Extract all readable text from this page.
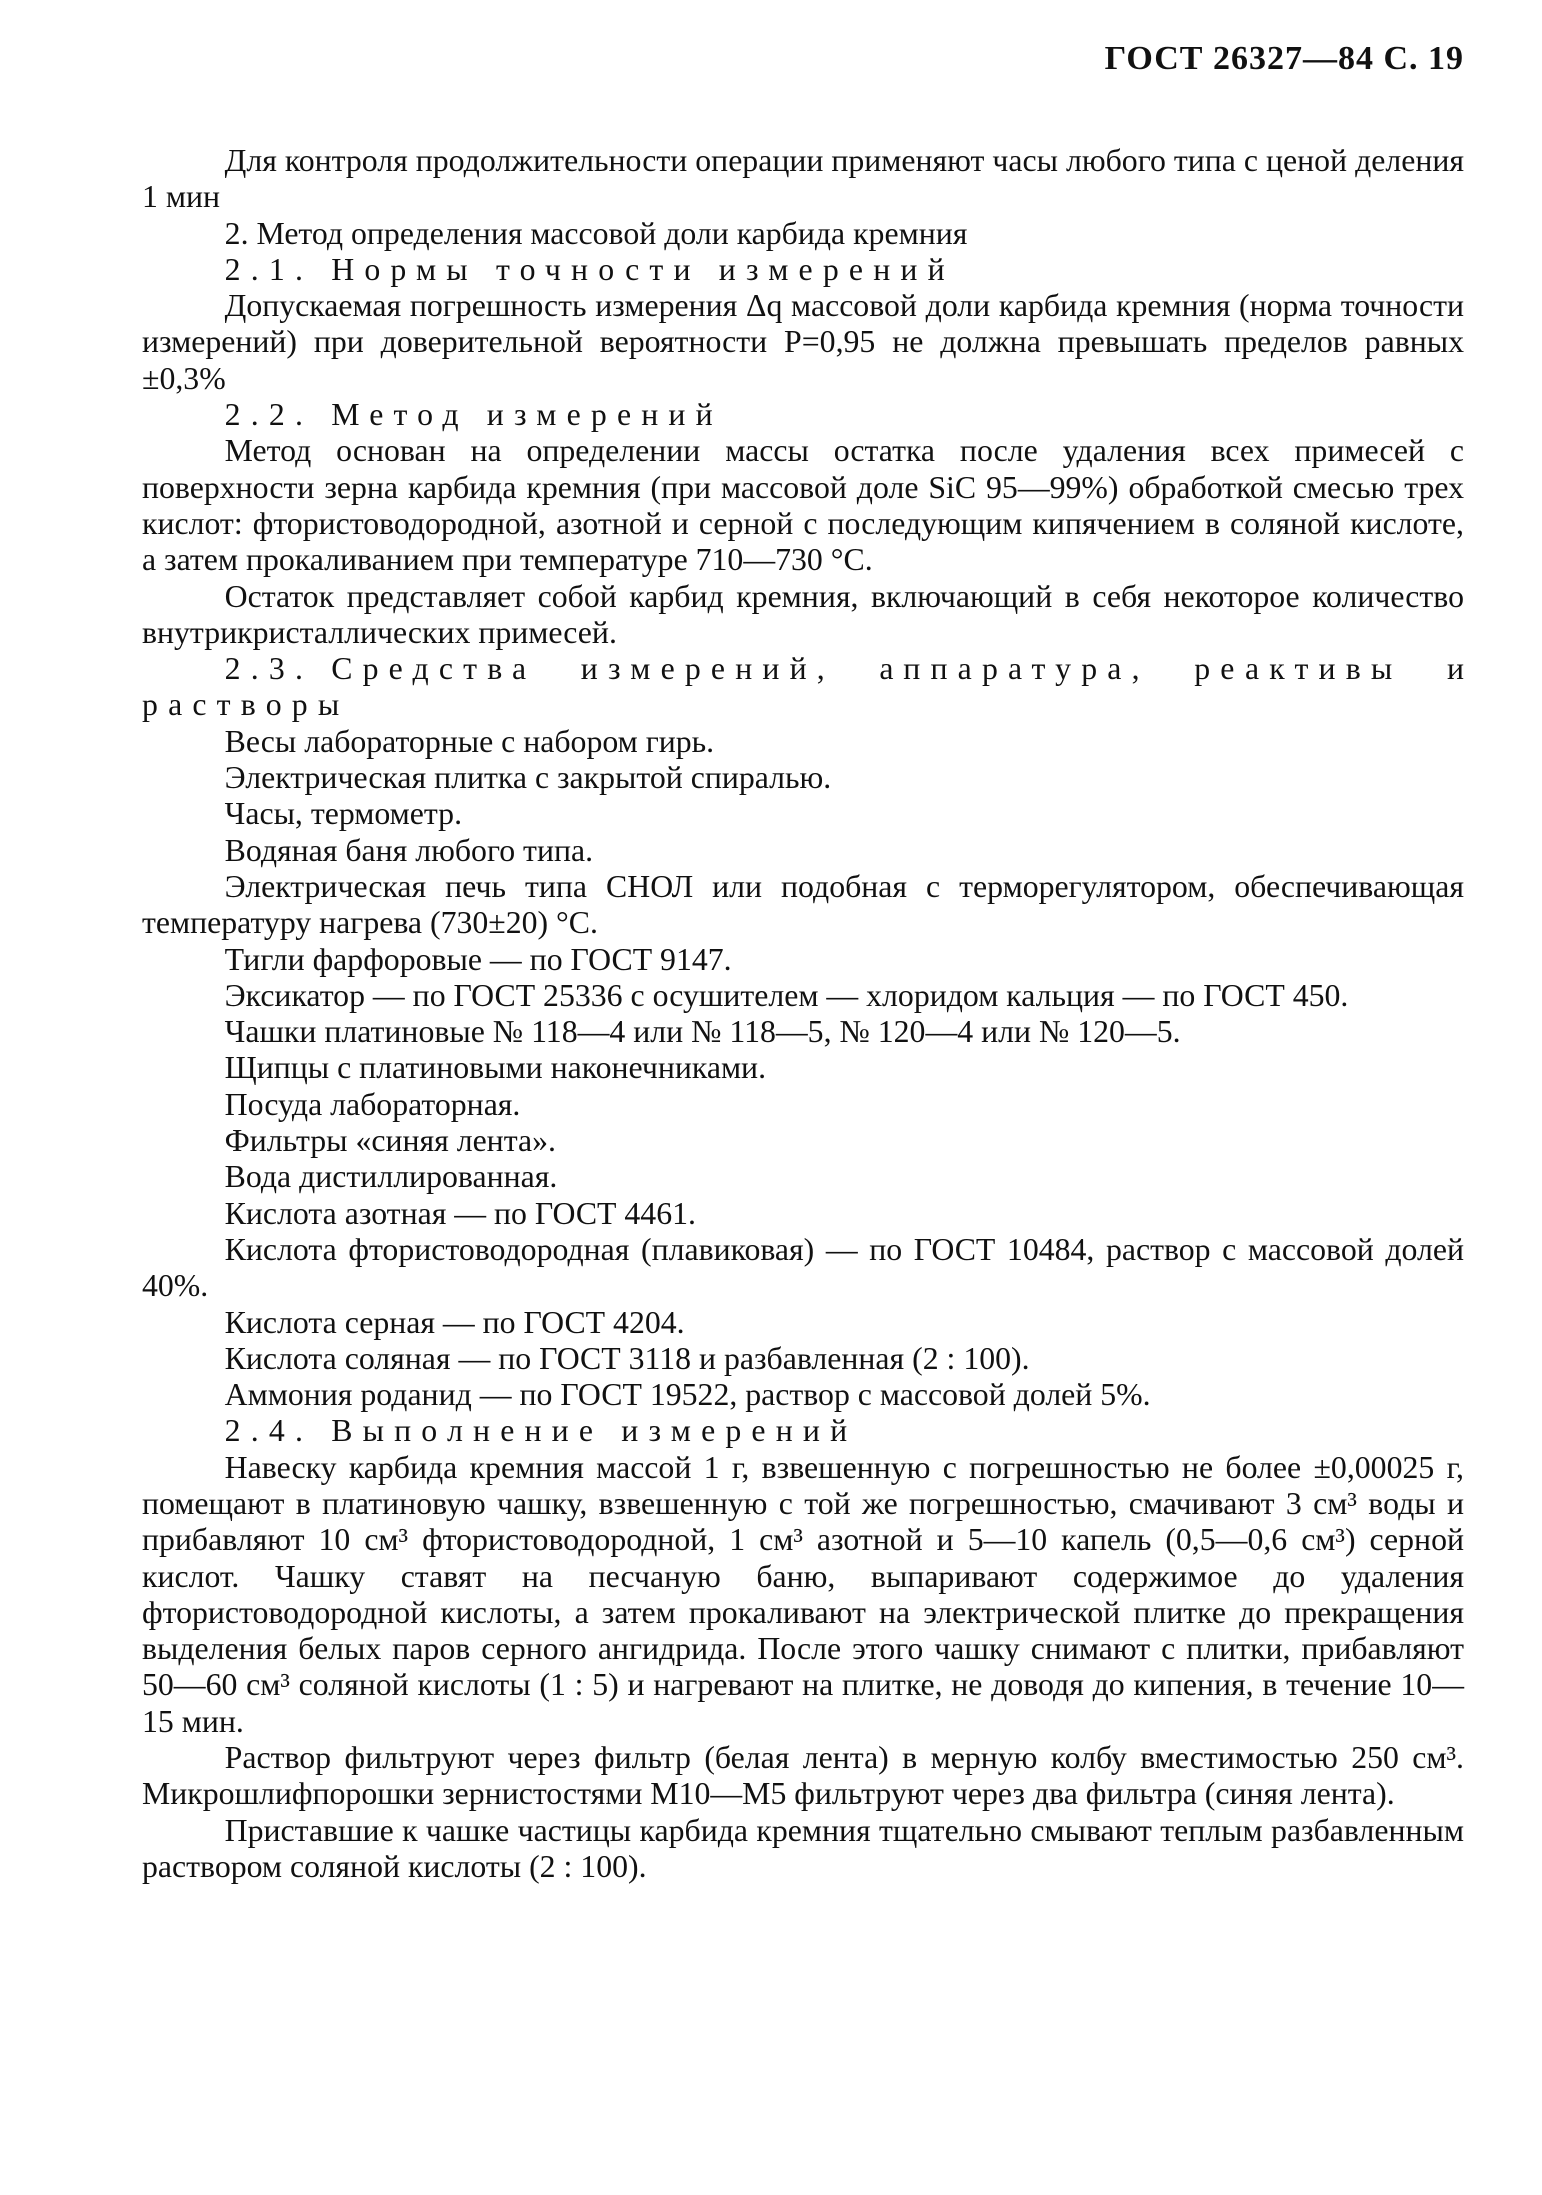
ГОСТ 26327—84 С. 19

Для контроля продолжительности операции применяют часы любого типа с ценой деления 1 мин

2. Метод определения массовой доли карбида кремния

2.1. Нормы точности измерений

Допускаемая погрешность измерения Δq массовой доли карбида кремния (норма точности измерений) при доверительной вероятности P=0,95 не должна превышать пределов равных ±0,3%

2.2. Метод измерений

Метод основан на определении массы остатка после удаления всех примесей с поверхности зерна карбида кремния (при массовой доле SiC 95—99%) обработкой смесью трех кислот: фтористоводородной, азотной и серной с последующим кипячением в соляной кислоте, а затем прокаливанием при температуре 710—730 °С.

Остаток представляет собой карбид кремния, включающий в себя некоторое количество внутрикристаллических примесей.

2.3. Средства измерений, аппаратура, реактивы и
растворы

Весы лабораторные с набором гирь.

Электрическая плитка с закрытой спиралью.

Часы, термометр.

Водяная баня любого типа.

Электрическая печь типа СНОЛ или подобная с терморегулятором, обеспечивающая температуру нагрева (730±20) °С.

Тигли фарфоровые — по ГОСТ 9147.

Эксикатор — по ГОСТ 25336 с осушителем — хлоридом кальция — по ГОСТ 450.

Чашки платиновые № 118—4 или № 118—5, № 120—4 или № 120—5.

Щипцы с платиновыми наконечниками.

Посуда лабораторная.

Фильтры «синяя лента».

Вода дистиллированная.

Кислота азотная — по ГОСТ 4461.

Кислота фтористоводородная (плавиковая) — по ГОСТ 10484, раствор с массовой долей 40%.

Кислота серная — по ГОСТ 4204.

Кислота соляная — по ГОСТ 3118 и разбавленная (2 : 100).

Аммония роданид — по ГОСТ 19522, раствор с массовой долей 5%.

2.4. Выполнение измерений

Навеску карбида кремния массой 1 г, взвешенную с погрешностью не более ±0,00025 г, помещают в платиновую чашку, взвешенную с той же погрешностью, смачивают 3 см³ воды и прибавляют 10 см³ фтористоводородной, 1 см³ азотной и 5—10 капель (0,5—0,6 см³) серной кислот. Чашку ставят на песчаную баню, выпаривают содержимое до удаления фтористоводородной кислоты, а затем прокаливают на электрической плитке до прекращения выделения белых паров серного ангидрида. После этого чашку снимают с плитки, прибавляют 50—60 см³ соляной кислоты (1 : 5) и нагревают на плитке, не доводя до кипения, в течение 10—15 мин.

Раствор фильтруют через фильтр (белая лента) в мерную колбу вместимостью 250 см³. Микрошлифпорошки зернистостями М10—М5 фильтруют через два фильтра (синяя лента).

Приставшие к чашке частицы карбида кремния тщательно смывают теплым разбавленным раствором соляной кислоты (2 : 100).
